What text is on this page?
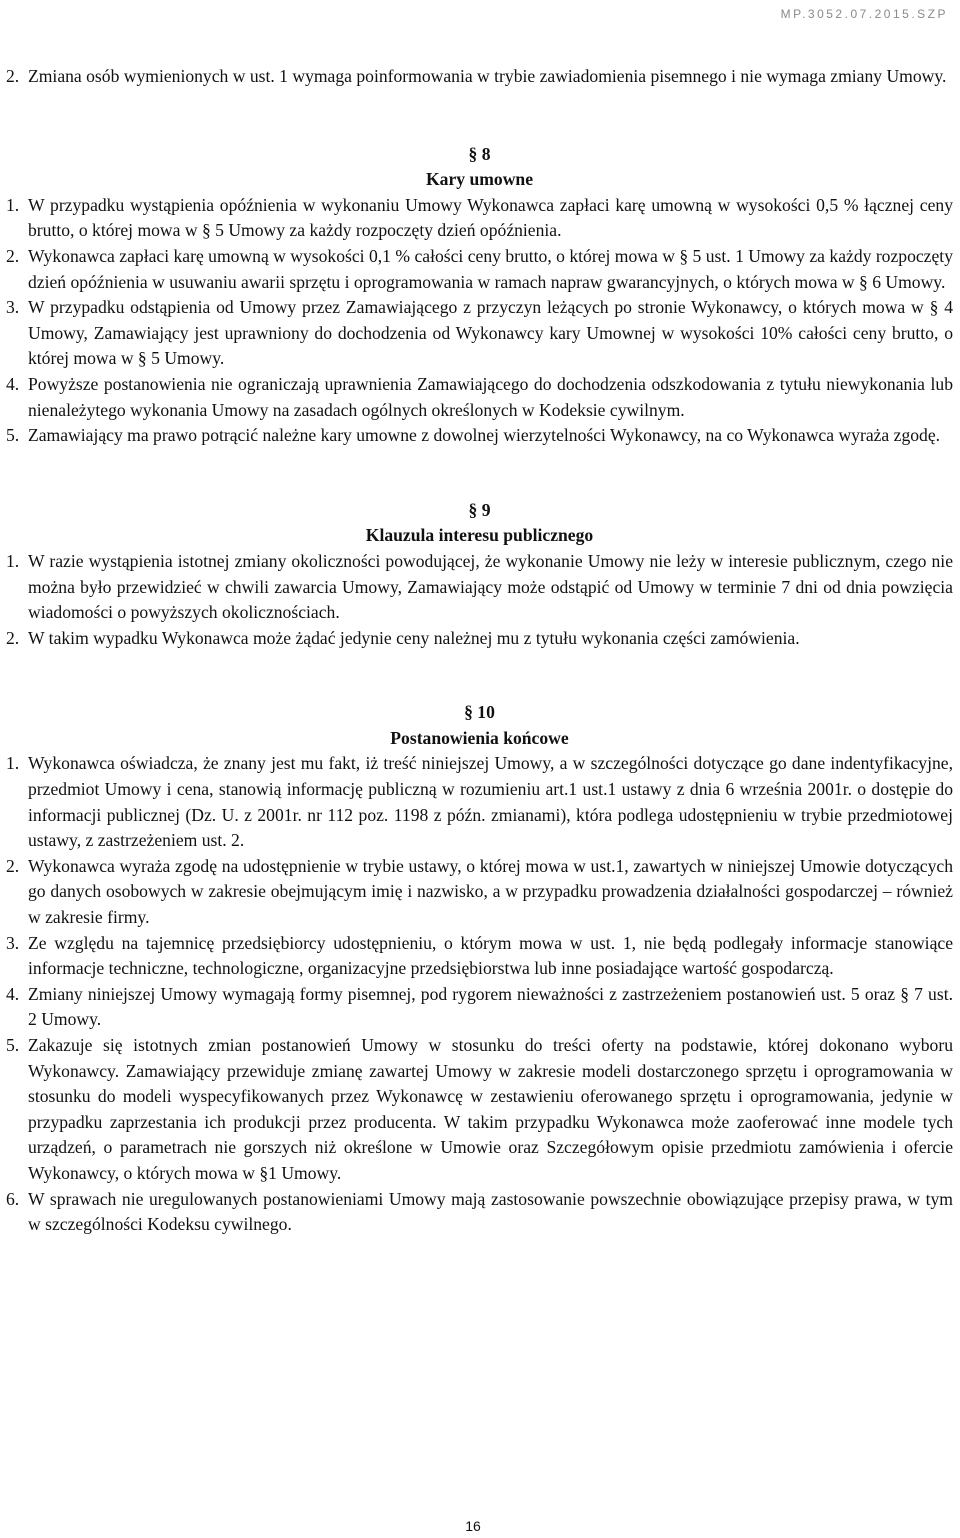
MP.3052.07.2015.SZP
2. Zmiana osób wymienionych w ust. 1 wymaga poinformowania w trybie zawiadomienia pisemnego i nie wymaga zmiany Umowy.
§ 8
Kary umowne
1. W przypadku wystąpienia opóźnienia w wykonaniu Umowy Wykonawca zapłaci karę umowną w wysokości 0,5 % łącznej ceny brutto, o której mowa w § 5 Umowy za każdy rozpoczęty dzień opóźnienia.
2. Wykonawca zapłaci karę umowną w wysokości 0,1 % całości ceny brutto, o której mowa w § 5 ust. 1 Umowy za każdy rozpoczęty dzień opóźnienia w usuwaniu awarii sprzętu i oprogramowania w ramach napraw gwarancyjnych, o których mowa w § 6 Umowy.
3. W przypadku odstąpienia od Umowy przez Zamawiającego z przyczyn leżących po stronie Wykonawcy, o których mowa w § 4 Umowy, Zamawiający jest uprawniony do dochodzenia od Wykonawcy kary Umownej w wysokości 10% całości ceny brutto, o której mowa w § 5 Umowy.
4. Powyższe postanowienia nie ograniczają uprawnienia Zamawiającego do dochodzenia odszkodowania z tytułu niewykonania lub nienależytego wykonania Umowy na zasadach ogólnych określonych w Kodeksie cywilnym.
5. Zamawiający ma prawo potrącić należne kary umowne z dowolnej wierzytelności Wykonawcy, na co Wykonawca wyraża zgodę.
§ 9
Klauzula interesu publicznego
1. W razie wystąpienia istotnej zmiany okoliczności powodującej, że wykonanie Umowy nie leży w interesie publicznym, czego nie można było przewidzieć w chwili zawarcia Umowy, Zamawiający może odstąpić od Umowy w terminie 7 dni od dnia powzięcia wiadomości o powyższych okolicznościach.
2. W takim wypadku Wykonawca może żądać jedynie ceny należnej mu z tytułu wykonania części zamówienia.
§ 10
Postanowienia końcowe
1. Wykonawca oświadcza, że znany jest mu fakt, iż treść niniejszej Umowy, a w szczególności dotyczące go dane indentyfikacyjne, przedmiot Umowy i cena, stanowią informację publiczną w rozumieniu art.1 ust.1 ustawy z dnia 6 września 2001r. o dostępie do informacji publicznej (Dz. U. z 2001r. nr 112 poz. 1198 z późn. zmianami), która podlega udostępnieniu w trybie przedmiotowej ustawy, z zastrzeżeniem ust. 2.
2. Wykonawca wyraża zgodę na udostępnienie w trybie ustawy, o której mowa w ust.1, zawartych w niniejszej Umowie dotyczących go danych osobowych w zakresie obejmującym imię i nazwisko, a w przypadku prowadzenia działalności gospodarczej – również w zakresie firmy.
3. Ze względu na tajemnicę przedsiębiorcy udostępnieniu, o którym mowa w ust. 1, nie będą podlegały informacje stanowiące informacje techniczne, technologiczne, organizacyjne przedsiębiorstwa lub inne posiadające wartość gospodarczą.
4. Zmiany niniejszej Umowy wymagają formy pisemnej, pod rygorem nieważności z zastrzeżeniem postanowień ust. 5 oraz § 7 ust. 2 Umowy.
5. Zakazuje się istotnych zmian postanowień Umowy w stosunku do treści oferty na podstawie, której dokonano wyboru Wykonawcy. Zamawiający przewiduje zmianę zawartej Umowy w zakresie modeli dostarczonego sprzętu i oprogramowania w stosunku do modeli wyspecyfikowanych przez Wykonawcę w zestawieniu oferowanego sprzętu i oprogramowania, jedynie w przypadku zaprzestania ich produkcji przez producenta. W takim przypadku Wykonawca może zaoferować inne modele tych urządzeń, o parametrach nie gorszych niż określone w Umowie oraz Szczegółowym opisie przedmiotu zamówienia i ofercie Wykonawcy, o których mowa w §1 Umowy.
6. W sprawach nie uregulowanych postanowieniami Umowy mają zastosowanie powszechnie obowiązujące przepisy prawa, w tym w szczególności Kodeksu cywilnego.
16
